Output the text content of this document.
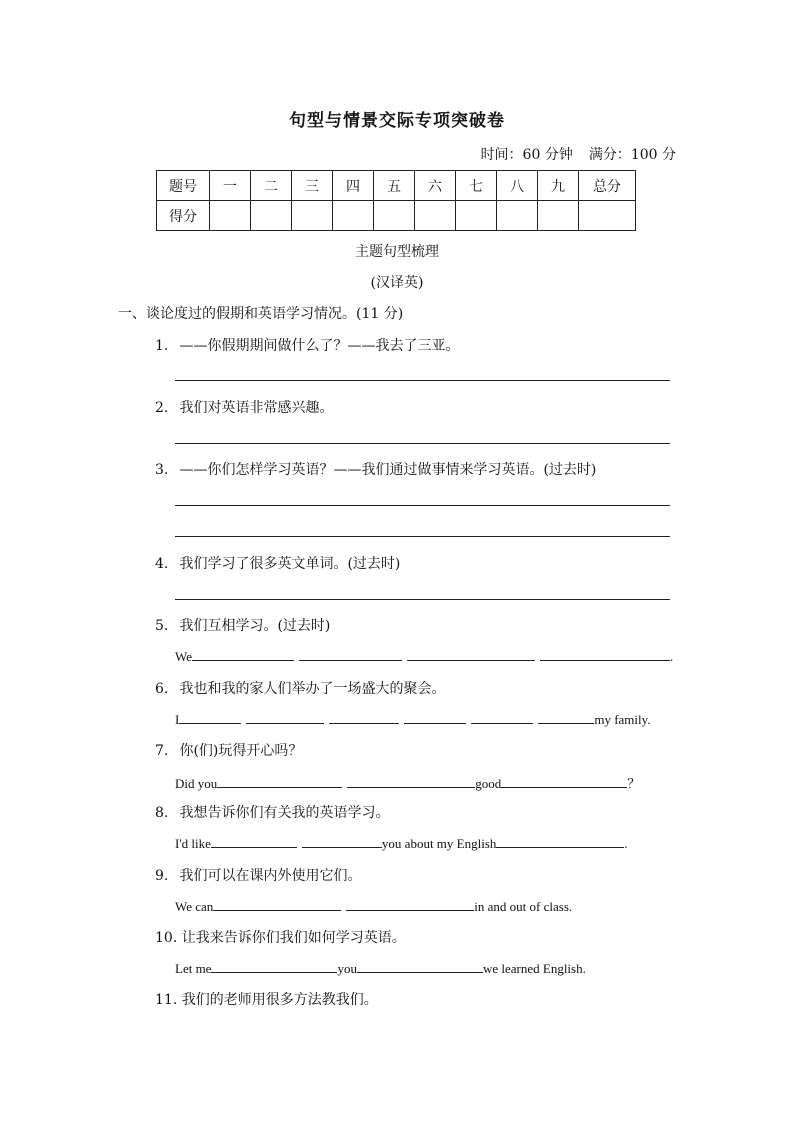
句型与情景交际专项突破卷
时间：60 分钟 满分：100 分
题号	一	二	三	四	五	六	七	八	九	总分
得分										
主题句型梳理
(汉译英)
一、谈论度过的假期和英语学习情况。(11 分)
1. ——你假期期间做什么了？——我去了三亚。
2. 我们对英语非常感兴趣。
3. ——你们怎样学习英语？——我们通过做事情来学习英语。(过去时)
4. 我们学习了很多英文单词。(过去时)
5. 我们互相学习。(过去时)
We	.
6. 我也和我的家人们举办了一场盛大的聚会。
I	my family.
7. 你(们)玩得开心吗？
Did you	good	？
8. 我想告诉你们有关我的英语学习。
I'd like	you about my English	.
9. 我们可以在课内外使用它们。
We can	in and out of class.
10. 让我来告诉你们我们如何学习英语。
Let me	you	we learned English.
11. 我们的老师用很多方法教我们。
